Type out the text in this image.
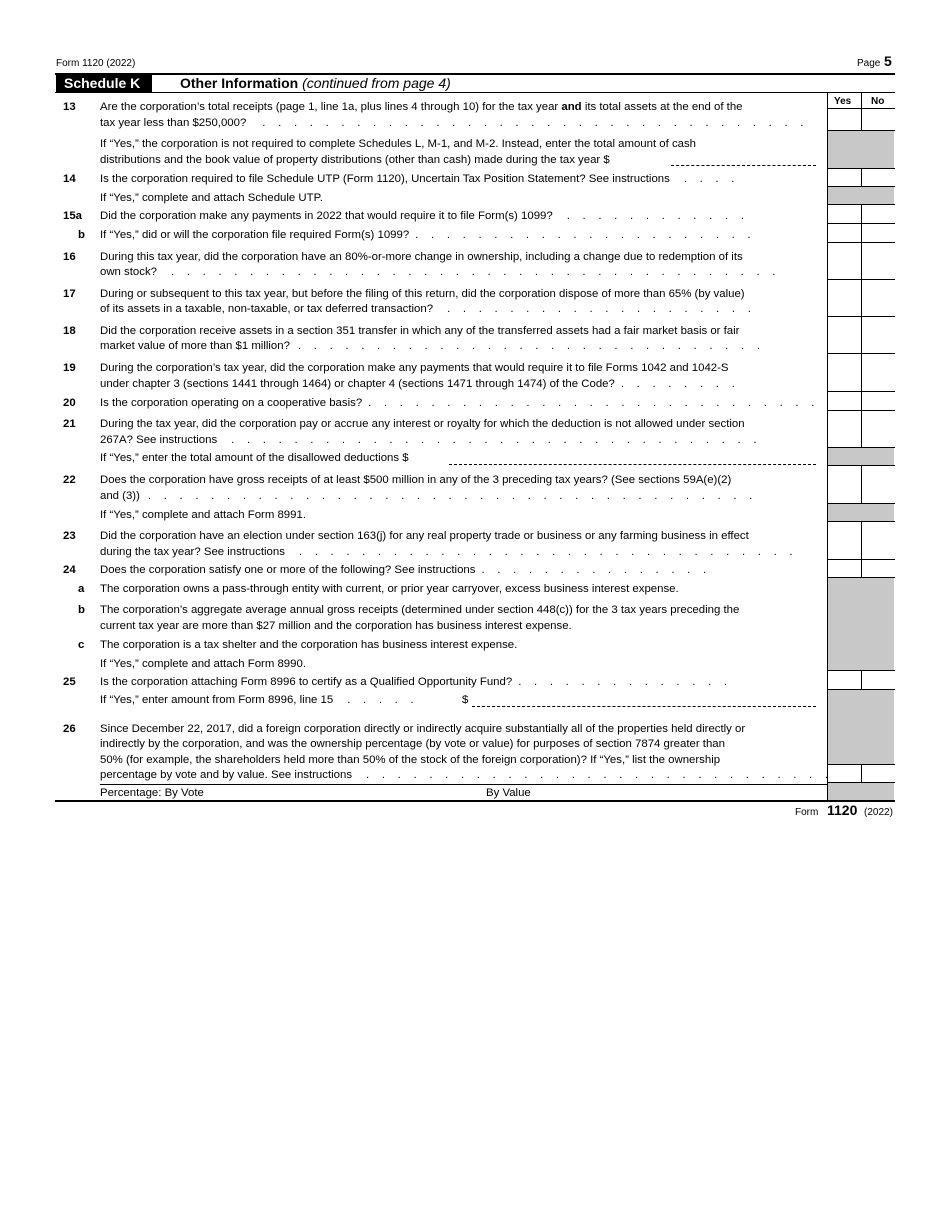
Form 1120 (2022)	Page 5
Schedule K	Other Information (continued from page 4)
Yes No
13 Are the corporation’s total receipts (page 1, line 1a, plus lines 4 through 10) for the tax year and its total assets at the end of the
tax year less than $250,000? .    .    .    .    .    .    .    .    .    .    .    .    .    .    .    .    .    .    .    .    .    .    .    .    .    .    .    .    .    .    .    .    .    .    .
If “Yes,” the corporation is not required to complete Schedules L, M-1, and M-2. Instead, enter the total amount of cash
distributions and the book value of property distributions (other than cash) made during the tax year $
14 Is the corporation required to file Schedule UTP (Form 1120), Uncertain Tax Position Statement? See instructions .    .    .    .
If “Yes,” complete and attach Schedule UTP.
15a Did the corporation make any payments in 2022 that would require it to file Form(s) 1099? .    .    .    .    .    .    .    .    .    .    .    .
b If “Yes,” did or will the corporation file required Form(s) 1099? .    .    .    .    .    .    .    .    .    .    .    .    .    .    .    .    .    .    .    .    .    .
16 During this tax year, did the corporation have an 80%-or-more change in ownership, including a change due to redemption of its
own stock? .    .    .    .    .    .    .    .    .    .    .    .    .    .    .    .    .    .    .    .    .    .    .    .    .    .    .    .    .    .    .    .    .    .    .    .    .    .    .
17 During or subsequent to this tax year, but before the filing of this return, did the corporation dispose of more than 65% (by value)
of its assets in a taxable, non-taxable, or tax deferred transaction? .    .    .    .    .    .    .    .    .    .    .    .    .    .    .    .    .    .    .    .
18 Did the corporation receive assets in a section 351 transfer in which any of the transferred assets had a fair market basis or fair
market value of more than $1 million? .    .    .    .    .    .    .    .    .    .    .    .    .    .    .    .    .    .    .    .    .    .    .    .    .    .    .    .    .    .
19 During the corporation’s tax year, did the corporation make any payments that would require it to file Forms 1042 and 1042-S
under chapter 3 (sections 1441 through 1464) or chapter 4 (sections 1471 through 1474) of the Code? .    .    .    .    .    .    .    .
20 Is the corporation operating on a cooperative basis? .    .    .    .    .    .    .    .    .    .    .    .    .    .    .    .    .    .    .    .    .    .    .    .    .    .    .    .    .
21 During the tax year, did the corporation pay or accrue any interest or royalty for which the deduction is not allowed under section
267A? See instructions .    .    .    .    .    .    .    .    .    .    .    .    .    .    .    .    .    .    .    .    .    .    .    .    .    .    .    .    .    .    .    .    .    .
If “Yes,” enter the total amount of the disallowed deductions $
22 Does the corporation have gross receipts of at least $500 million in any of the 3 preceding tax years? (See sections 59A(e)(2)
and (3)) .    .    .    .    .    .    .    .    .    .    .    .    .    .    .    .    .    .    .    .    .    .    .    .    .    .    .    .    .    .    .    .    .    .    .    .    .    .    .
If “Yes,” complete and attach Form 8991.
23 Did the corporation have an election under section 163(j) for any real property trade or business or any farming business in effect
during the tax year? See instructions .    .    .    .    .    .    .    .    .    .    .    .    .    .    .    .    .    .    .    .    .    .    .    .    .    .    .    .    .    .    .    .
24 Does the corporation satisfy one or more of the following? See instructions .    .    .    .    .    .    .    .    .    .    .    .    .    .    .
a The corporation owns a pass-through entity with current, or prior year carryover, excess business interest expense.
b The corporation’s aggregate average annual gross receipts (determined under section 448(c)) for the 3 tax years preceding the
current tax year are more than $27 million and the corporation has business interest expense.
c The corporation is a tax shelter and the corporation has business interest expense.
If “Yes,” complete and attach Form 8990.
25 Is the corporation attaching Form 8996 to certify as a Qualified Opportunity Fund? .    .    .    .    .    .    .    .    .    .    .    .    .    .
If “Yes,” enter amount from Form 8996, line 15 .    .    .    .    .	$
26 Since December 22, 2017, did a foreign corporation directly or indirectly acquire substantially all of the properties held directly or
indirectly by the corporation, and was the ownership percentage (by vote or value) for purposes of section 7874 greater than
50% (for example, the shareholders held more than 50% of the stock of the foreign corporation)? If “Yes,” list the ownership
percentage by vote and by value. See instructions .    .    .    .    .    .    .    .    .    .    .    .    .    .    .    .    .    .    .    .    .    .    .    .    .    .    .    .    .    .
Percentage: By Vote	By Value
Form 1120 (2022)
